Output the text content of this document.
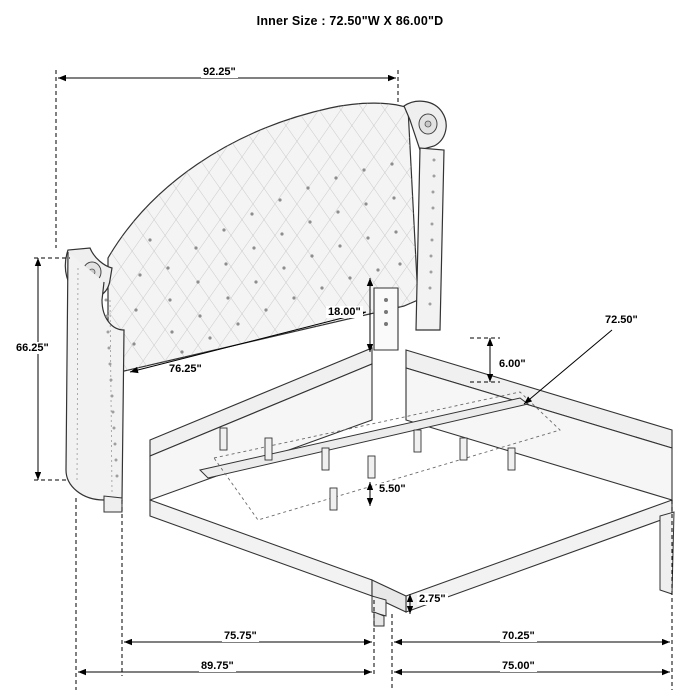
Inner Size : 72.50"W X 86.00"D
92.25"
66.25"
76.25"
18.00"
6.00"
5.50"
2.75"
72.50"
75.75"	70.25"
89.75"	75.00"
